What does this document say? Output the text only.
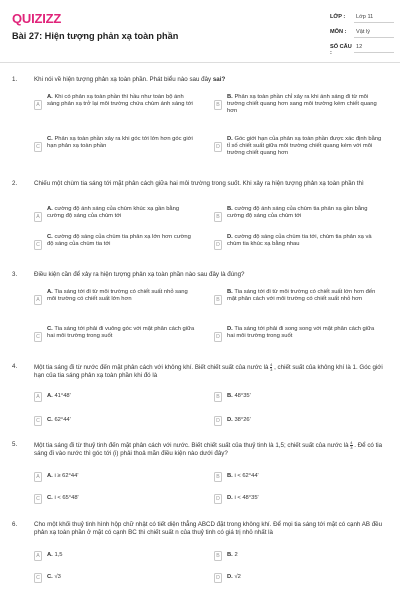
QUIZIZZ
Bài 27: Hiện tượng phản xạ toàn phần
LỚP :	Lớp 11
MÔN :	Vật lý
SỐ CÂU :
12
1.	Khi nói về hiện tượng phản xạ toàn phần. Phát biểu nào sau đây sai?
A
A. Khi có phản xạ toàn phần thì hầu như toàn bộ ánh sáng phản xạ trở lại môi trường chứa chùm ánh sáng tới	B
B. Phản xạ toàn phần chỉ xảy ra khi ánh sáng đi từ môi trường chiết quang hơn sang môi trường kém chiết quang hơn
C
C. Phản xạ toàn phần xảy ra khi góc tới lớn hơn góc giới hạn phản xạ toàn phần	D
D. Góc giới hạn của phản xạ toàn phần được xác định bằng tỉ số chiết suất giữa môi trường chiết quang kém với môi trường chiết quang hơn
2.	Chiếu một chùm tia sáng tới mặt phân cách giữa hai môi trường trong suốt. Khi xảy ra hiện tượng phản xạ toàn phần thì
A
A. cường độ ánh sáng của chùm khúc xạ gần bằng cường độ sáng của chùm tới	B
B. cường độ ánh sáng của chùm tia phản xạ gần bằng cường độ sáng của chùm tới
C
C. cường độ sáng của chùm tia phản xạ lớn hơn cường độ sáng của chùm tia tới	D
D. cường độ sáng của chùm tia tới, chùm tia phản xạ và chùm tia khúc xạ bằng nhau
3.	Điều kiện cần để xảy ra hiện tượng phản xạ toàn phần nào sau đây là đúng?
A
A. Tia sáng tới đi từ môi trường có chiết suất nhỏ sang môi trường có chiết suất lớn hơn	B
B. Tia sáng tới đi từ môi trường có chiết suất lớn hơn đến mặt phân cách với môi trường có chiết suất nhỏ hơn
C
C. Tia sáng tới phải đi vuông góc với mặt phân cách giữa hai môi trường trong suốt	D
D. Tia sáng tới phải đi song song với mặt phân cách giữa hai môi trường trong suốt
4.	Một tia sáng đi từ nước đến mặt phân cách với không khí. Biết chiết suất của nước là $\frac{4}{3}$ , chiết suất của không khí là 1. Góc giới hạn của tia sáng phản xạ toàn phần khi đó là
A	A. 41°48'	B	B. 48°35'
C	C. 62°44'	D	D. 38°26'
5.	Một tia sáng đi từ thuỷ tinh đến mặt phân cách với nước. Biết chiết suất của thuỷ tinh là 1,5; chiết suất của nước là $\frac{4}{3}$ . Để có tia sáng đi vào nước thì góc tới (i) phải thoả mãn điều kiện nào dưới đây?
A	A. i ≥ 62°44'	B	B. i < 62°44'
C	C. i < 65°48'	D	D. i < 48°35'
6.	Cho một khối thuỷ tinh hình hộp chữ nhật có tiết diện thẳng ABCD đặt trong không khí. Để mọi tia sáng tới mặt có cạnh AB đều phản xạ toàn phần ở mặt có cạnh BC thì chiết suất n của thuỷ tinh có giá trị nhỏ nhất là
A	A. 1,5	B	B. 2
C	C. √3	D	D. √2
